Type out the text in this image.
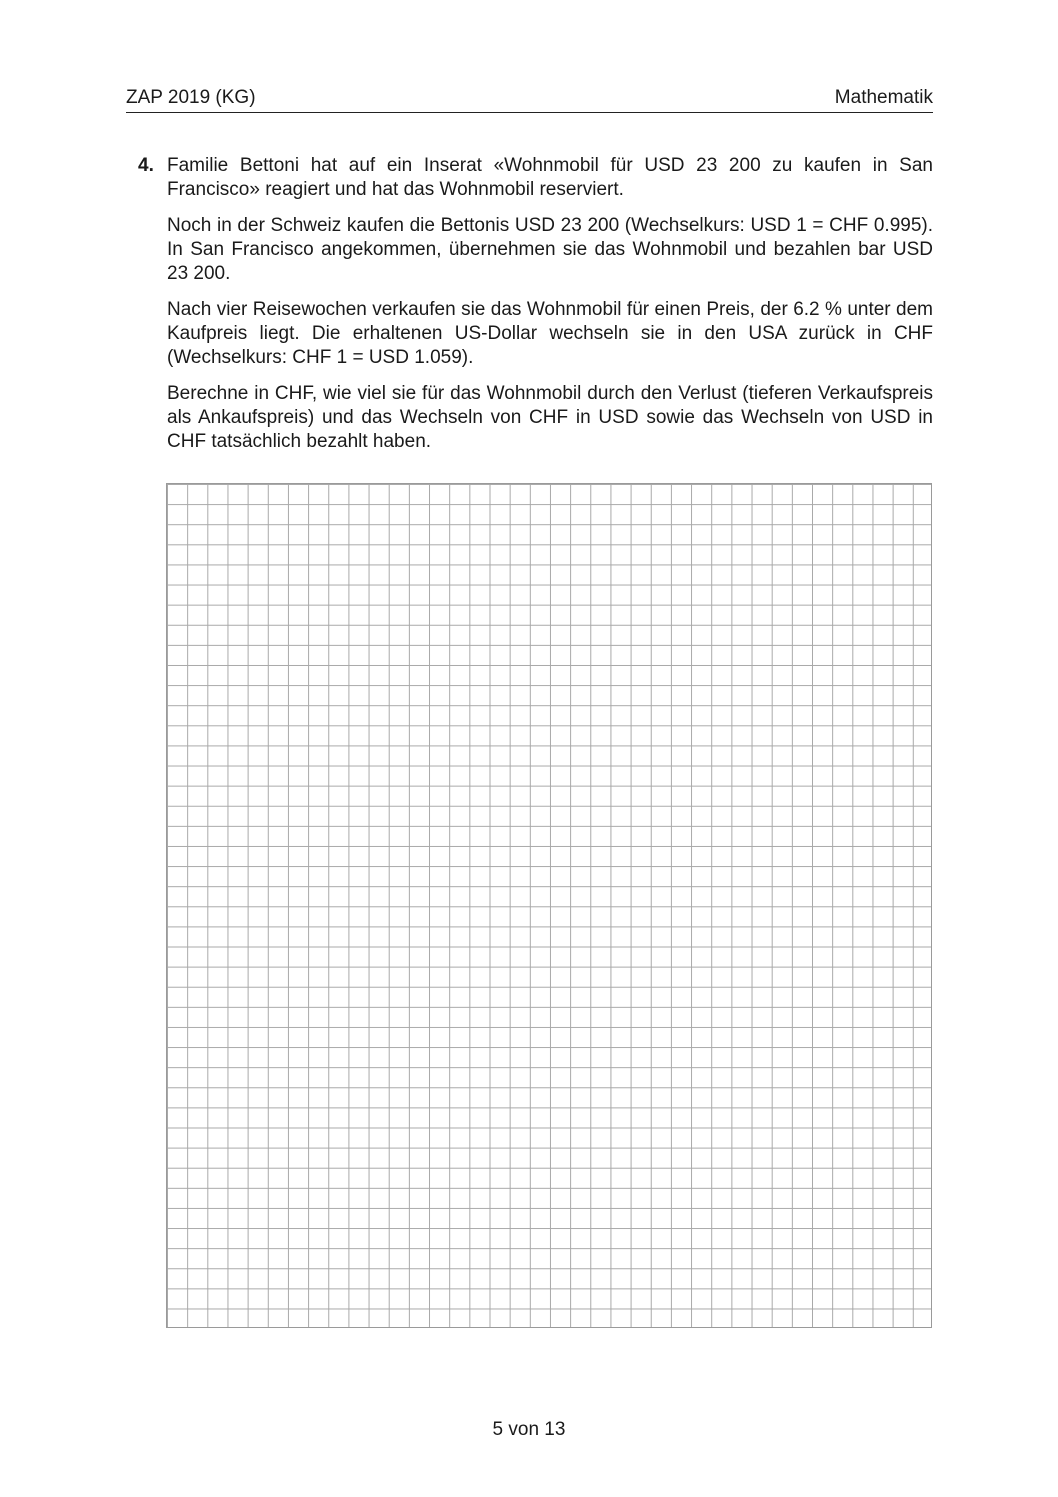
ZAP 2019 (KG)	Mathematik
4. Familie Bettoni hat auf ein Inserat «Wohnmobil für USD 23 200 zu kaufen in San Francisco» reagiert und hat das Wohnmobil reserviert.

Noch in der Schweiz kaufen die Bettonis USD 23 200 (Wechselkurs: USD 1 = CHF 0.995). In San Francisco angekommen, übernehmen sie das Wohnmobil und bezahlen bar USD 23 200.

Nach vier Reisewochen verkaufen sie das Wohnmobil für einen Preis, der 6.2 % unter dem Kaufpreis liegt. Die erhaltenen US-Dollar wechseln sie in den USA zurück in CHF (Wechselkurs: CHF 1 = USD 1.059).

Berechne in CHF, wie viel sie für das Wohnmobil durch den Verlust (tieferen Verkaufspreis als Ankaufspreis) und das Wechseln von CHF in USD sowie das Wechseln von USD in CHF tatsächlich bezahlt haben.

5 von 13
